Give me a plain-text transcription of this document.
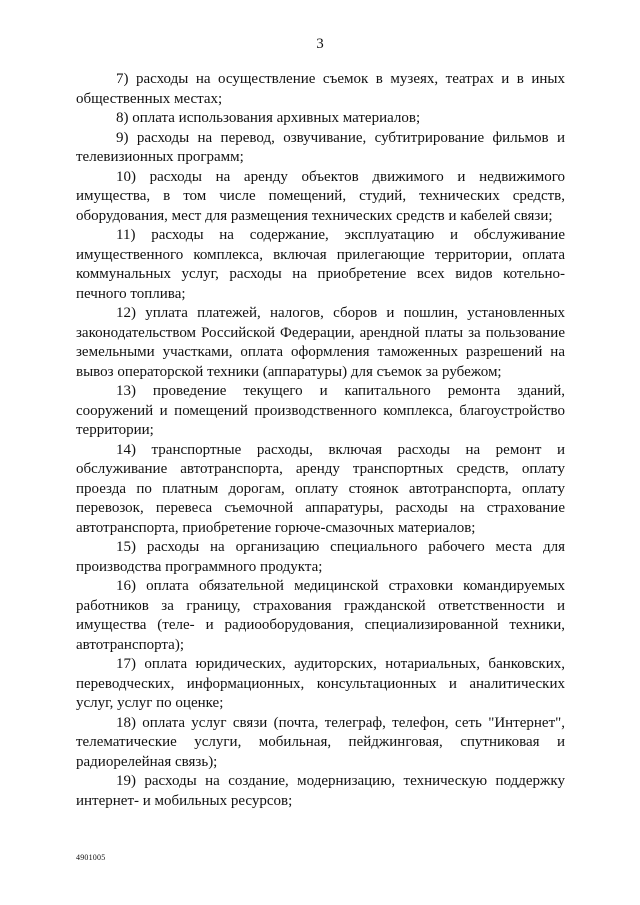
3

7) расходы на осуществление съемок в музеях, театрах и в иных общественных местах;

8) оплата использования архивных материалов;

9) расходы на перевод, озвучивание, субтитрирование фильмов и телевизионных программ;

10) расходы на аренду объектов движимого и недвижимого имущества, в том числе помещений, студий, технических средств, оборудования, мест для размещения технических средств и кабелей связи;

11) расходы на содержание, эксплуатацию и обслуживание имущественного комплекса, включая прилегающие территории, оплата коммунальных услуг, расходы на приобретение всех видов котельно-печного топлива;

12) уплата платежей, налогов, сборов и пошлин, установленных законодательством Российской Федерации, арендной платы за пользование земельными участками, оплата оформления таможенных разрешений на вывоз операторской техники (аппаратуры) для съемок за рубежом;

13) проведение текущего и капитального ремонта зданий, сооружений и помещений производственного комплекса, благоустройство территории;

14) транспортные расходы, включая расходы на ремонт и обслуживание автотранспорта, аренду транспортных средств, оплату проезда по платным дорогам, оплату стоянок автотранспорта, оплату перевозок, перевеса съемочной аппаратуры, расходы на страхование автотранспорта, приобретение горюче-смазочных материалов;

15) расходы на организацию специального рабочего места для производства программного продукта;

16) оплата обязательной медицинской страховки командируемых работников за границу, страхования гражданской ответственности и имущества (теле- и радиооборудования, специализированной техники, автотранспорта);

17) оплата юридических, аудиторских, нотариальных, банковских, переводческих, информационных, консультационных и аналитических услуг, услуг по оценке;

18) оплата услуг связи (почта, телеграф, телефон, сеть "Интернет", телематические услуги, мобильная, пейджинговая, спутниковая и радиорелейная связь);

19) расходы на создание, модернизацию, техническую поддержку интернет- и мобильных ресурсов;

4901005
